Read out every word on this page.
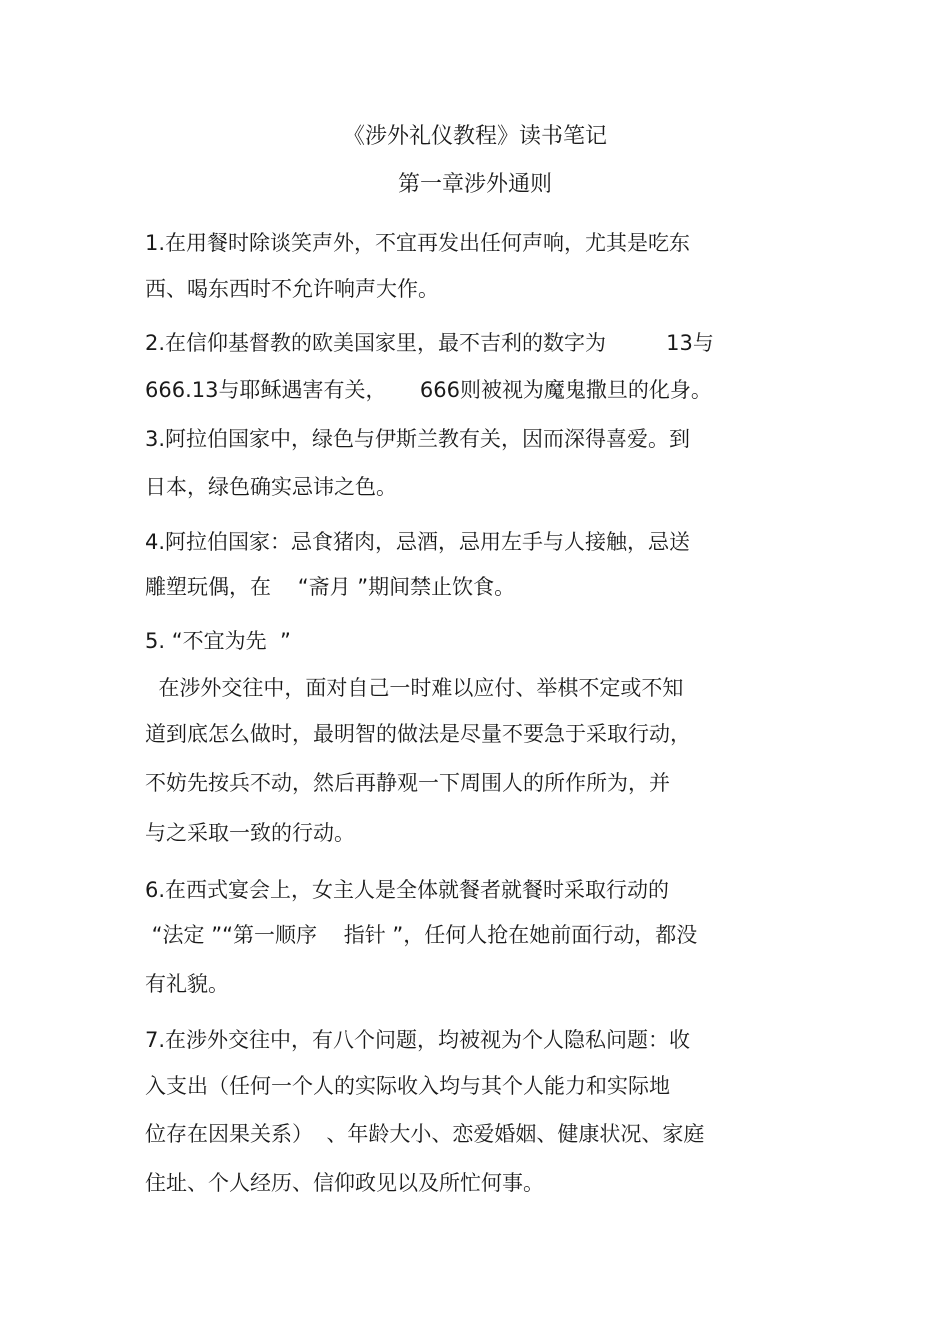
《涉外礼仪教程》读书笔记
第一章涉外通则
1.在用餐时除谈笑声外，不宜再发出任何声响，尤其是吃东
西、喝东西时不允许响声大作。
2.在信仰基督教的欧美国家里，最不吉利的数字为         13与
666.13与耶稣遇害有关，     666则被视为魔鬼撒旦的化身。
3.阿拉伯国家中，绿色与伊斯兰教有关，因而深得喜爱。到
日本，绿色确实忌讳之色。
4.阿拉伯国家：忌食猪肉，忌酒，忌用左手与人接触，忌送
雕塑玩偶，在    “斋月 ”期间禁止饮食。
5. “不宜为先  ”
在涉外交往中，面对自己一时难以应付、举棋不定或不知
道到底怎么做时，最明智的做法是尽量不要急于采取行动，
不妨先按兵不动，然后再静观一下周围人的所作所为，并
与之采取一致的行动。
6.在西式宴会上，女主人是全体就餐者就餐时采取行动的
“法定 ”“第一顺序    指针 ”，任何人抢在她前面行动，都没
有礼貌。
7.在涉外交往中，有八个问题，均被视为个人隐私问题：收
入支出（任何一个人的实际收入均与其个人能力和实际地
位存在因果关系）  、年龄大小、恋爱婚姻、健康状况、家庭
住址、个人经历、信仰政见以及所忙何事。
